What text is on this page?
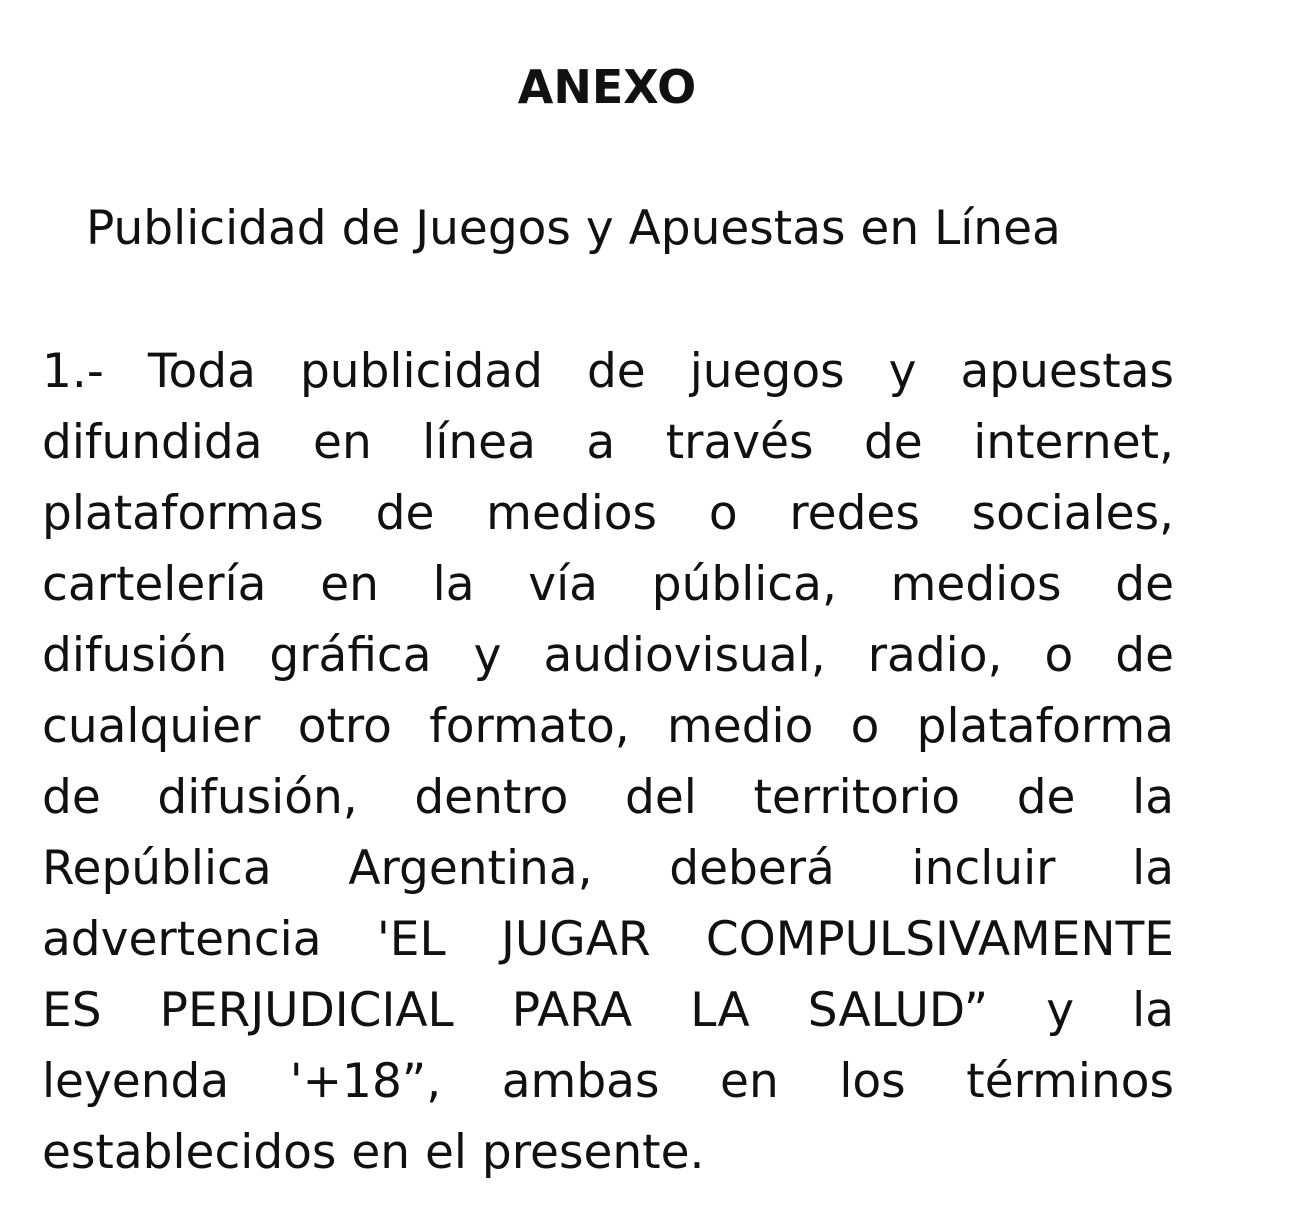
ANEXO
Publicidad de Juegos y Apuestas en Línea
1.- Toda publicidad de juegos y apuestas
difundida en línea a través de internet,
plataformas de medios o redes sociales,
cartelería en la vía pública, medios de
difusión gráfica y audiovisual, radio, o de
cualquier otro formato, medio o plataforma
de difusión, dentro del territorio de la
República Argentina, deberá incluir la
advertencia 'EL JUGAR COMPULSIVAMENTE
ES PERJUDICIAL PARA LA SALUD” y la
leyenda '+18”, ambas en los términos
establecidos en el presente.
